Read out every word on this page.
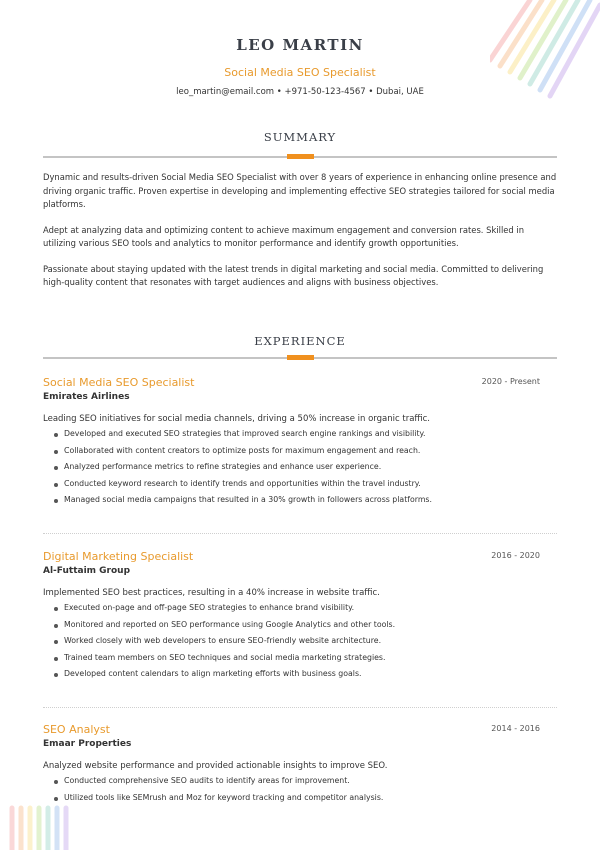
LEO MARTIN
Social Media SEO Specialist
leo_martin@email.com • +971-50-123-4567 • Dubai, UAE
SUMMARY

Dynamic and results-driven Social Media SEO Specialist with over 8 years of experience in enhancing online presence and driving organic traffic. Proven expertise in developing and implementing effective SEO strategies tailored for social media platforms.

Adept at analyzing data and optimizing content to achieve maximum engagement and conversion rates. Skilled in utilizing various SEO tools and analytics to monitor performance and identify growth opportunities.

Passionate about staying updated with the latest trends in digital marketing and social media. Committed to delivering high-quality content that resonates with target audiences and aligns with business objectives.

EXPERIENCE
Social Media SEO Specialist	2020 - Present
Emirates Airlines
Leading SEO initiatives for social media channels, driving a 50% increase in organic traffic.
Developed and executed SEO strategies that improved search engine rankings and visibility.
Collaborated with content creators to optimize posts for maximum engagement and reach.
Analyzed performance metrics to refine strategies and enhance user experience.
Conducted keyword research to identify trends and opportunities within the travel industry.
Managed social media campaigns that resulted in a 30% growth in followers across platforms.
Digital Marketing Specialist	2016 - 2020
Al-Futtaim Group
Implemented SEO best practices, resulting in a 40% increase in website traffic.
Executed on-page and off-page SEO strategies to enhance brand visibility.
Monitored and reported on SEO performance using Google Analytics and other tools.
Worked closely with web developers to ensure SEO-friendly website architecture.
Trained team members on SEO techniques and social media marketing strategies.
Developed content calendars to align marketing efforts with business goals.
SEO Analyst	2014 - 2016
Emaar Properties
Analyzed website performance and provided actionable insights to improve SEO.
Conducted comprehensive SEO audits to identify areas for improvement.
Utilized tools like SEMrush and Moz for keyword tracking and competitor analysis.
